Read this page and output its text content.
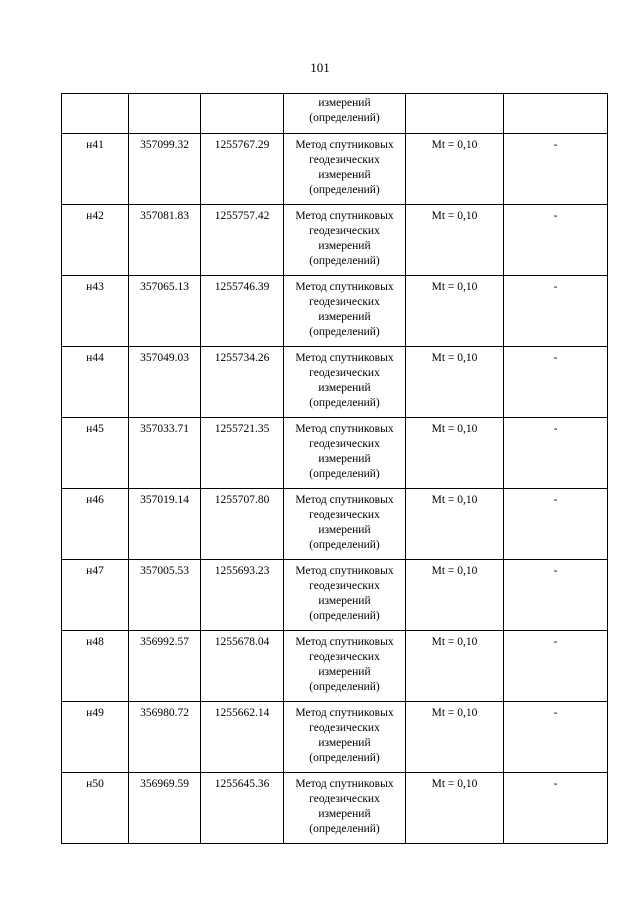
101

			измерений
(определений)		

н41	357099.32	1255767.29	Метод спутниковых
геодезических
измерений
(определений)	Mt = 0,10	-
н42	357081.83	1255757.42	Метод спутниковых
геодезических
измерений
(определений)	Mt = 0,10	-
н43	357065.13	1255746.39	Метод спутниковых
геодезических
измерений
(определений)	Mt = 0,10	-
н44	357049.03	1255734.26	Метод спутниковых
геодезических
измерений
(определений)	Mt = 0,10	-
н45	357033.71	1255721.35	Метод спутниковых
геодезических
измерений
(определений)	Mt = 0,10	-
н46	357019.14	1255707.80	Метод спутниковых
геодезических
измерений
(определений)	Mt = 0,10	-
н47	357005.53	1255693.23	Метод спутниковых
геодезических
измерений
(определений)	Mt = 0,10	-
н48	356992.57	1255678.04	Метод спутниковых
геодезических
измерений
(определений)	Mt = 0,10	-
н49	356980.72	1255662.14	Метод спутниковых
геодезических
измерений
(определений)	Mt = 0,10	-
н50	356969.59	1255645.36	Метод спутниковых
геодезических
измерений
(определений)	Mt = 0,10	-
